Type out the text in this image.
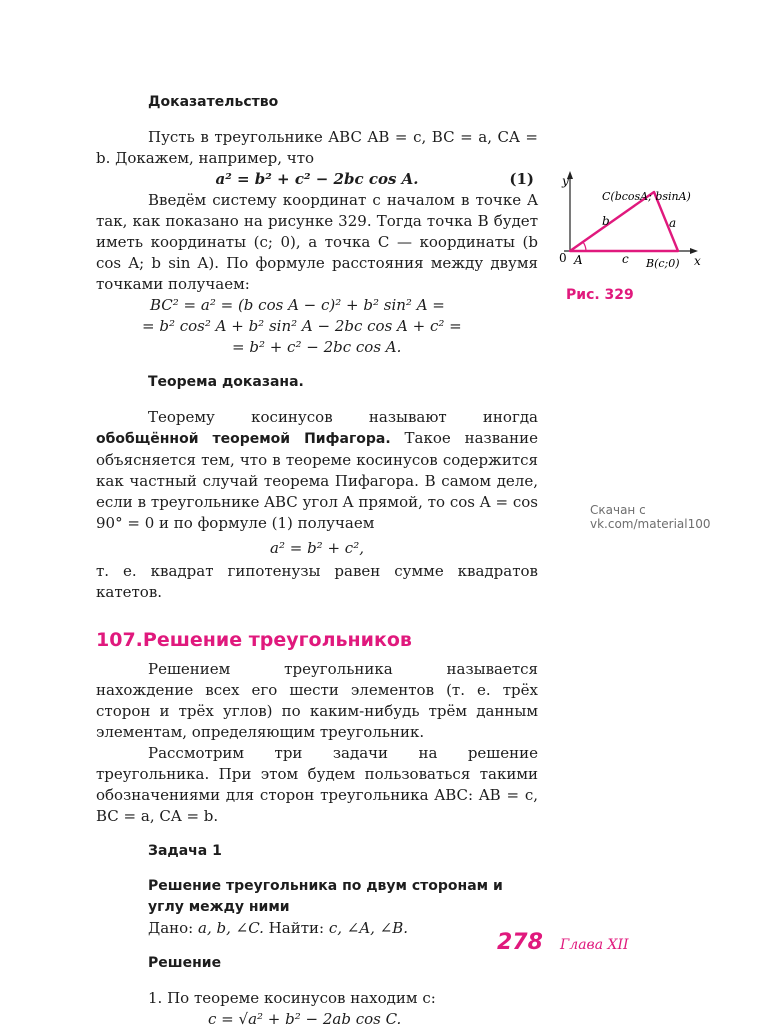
Доказательство

Пусть в треугольнике ABC AB = c, BC = a, CA = b. Докажем, например, что

a² = b² + c² − 2bc cos A.	(1)

Введём систему координат с началом в точке A так, как показано на рисунке 329. Тогда точка B будет иметь координаты (c; 0), а точка C — координаты (b cos A; b sin A). По формуле расстояния между двумя точками получаем:

BC² = a² = (b cos A − c)² + b² sin² A =

= b² cos² A + b² sin² A − 2bc cos A + c² =

= b² + c² − 2bc cos A.

Теорема доказана.

Теорему косинусов называют иногда обобщённой теоремой Пифагора. Такое название объясняется тем, что в теореме косинусов содержится как частный случай теорема Пифагора. В самом деле, если в треугольнике ABC угол A прямой, то cos A = cos 90° = 0 и по формуле (1) получаем

a² = b² + c²,

т. е. квадрат гипотенузы равен сумме квадратов катетов.

107.Решение треугольников

Решением треугольника называется нахождение всех его шести элементов (т. е. трёх сторон и трёх углов) по каким-нибудь трём данным элементам, определяющим треугольник.

Рассмотрим три задачи на решение треугольника. При этом будем пользоваться такими обозначениями для сторон треугольника ABC: AB = c, BC = a, CA = b.

Задача 1

Решение треугольника по двум сторонам и углу между ними

Дано: a, b, ∠C. Найти: c, ∠A, ∠B.

Решение

1. По теореме косинусов находим c:

c = √a² + b² − 2ab cos C.

y
x
0 A	B(c;0)
C(bcosA; bsinA)
b	a
c
Рис. 329
Скачан с vk.com/material100
278 Глава XII
